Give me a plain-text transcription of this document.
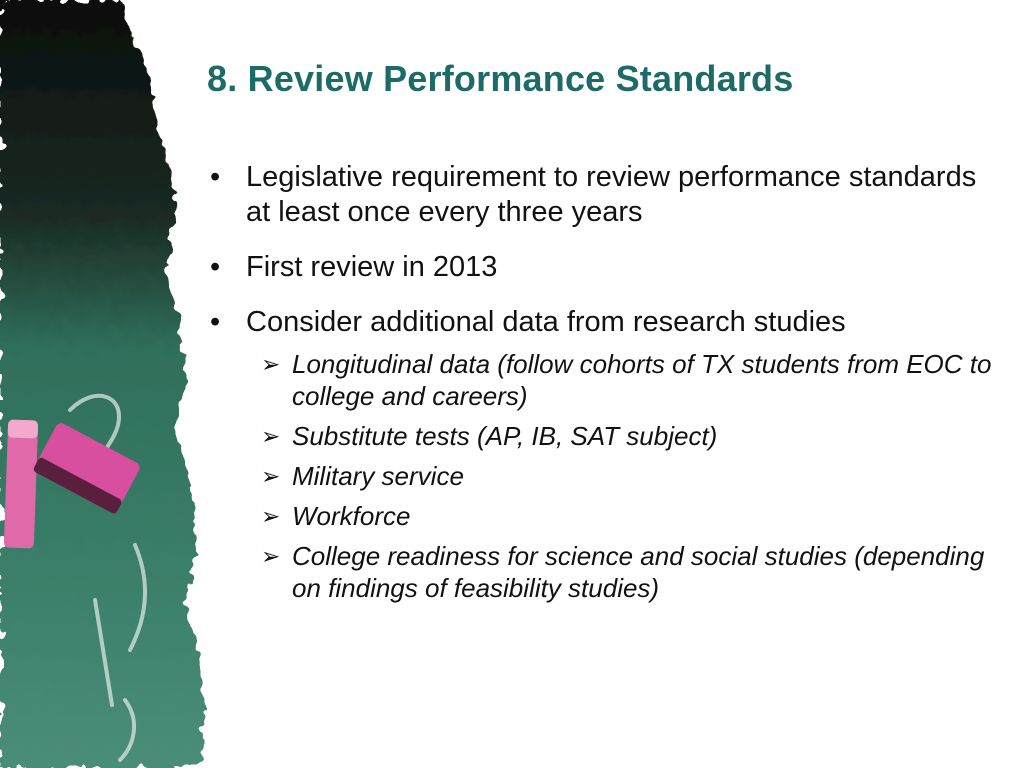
8. Review Performance Standards
• Legislative requirement to review performance standards at least once every three years
• First review in 2013
• Consider additional data from research studies
➢ Longitudinal data (follow cohorts of TX students from EOC to college and careers)
➢ Substitute tests (AP, IB, SAT subject)
➢ Military service
➢ Workforce
➢ College readiness for science and social studies (depending on findings of feasibility studies)
